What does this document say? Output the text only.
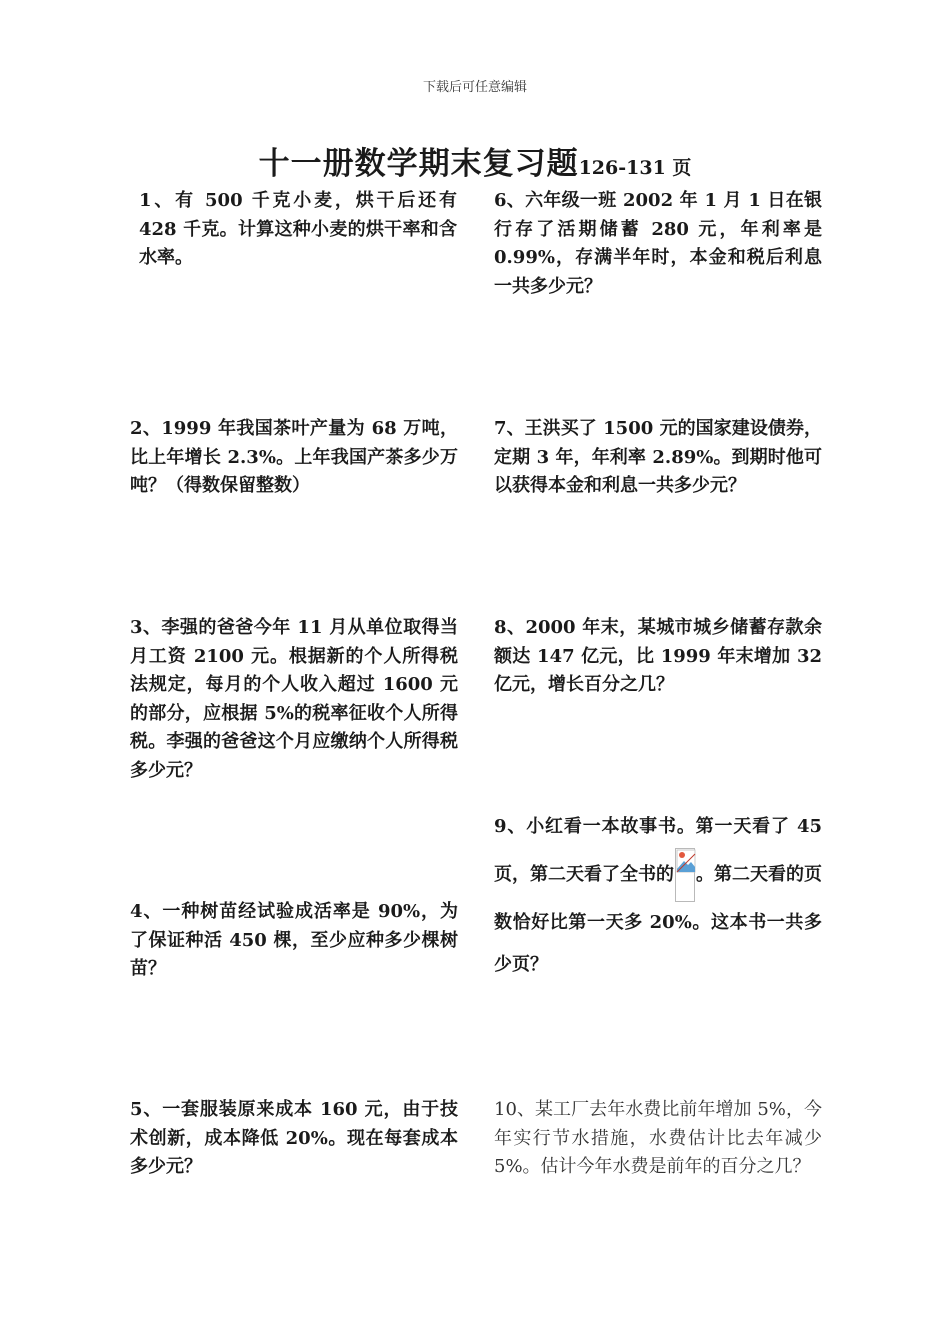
下载后可任意编辑
十一册数学期末复习题126-131 页
1、有 500 千克小麦，烘干后还有 428 千克。计算这种小麦的烘干率和含水率。
2、1999 年我国茶叶产量为 68 万吨，比上年增长 2.3%。上年我国产茶多少万吨？（得数保留整数）
3、李强的爸爸今年 11 月从单位取得当月工资 2100 元。根据新的个人所得税法规定，每月的个人收入超过 1600 元的部分，应根据 5%的税率征收个人所得税。李强的爸爸这个月应缴纳个人所得税多少元？
4、一种树苗经试验成活率是 90%，为了保证种活 450 棵，至少应种多少棵树苗？
5、一套服装原来成本 160 元，由于技术创新，成本降低 20%。现在每套成本多少元？
6、六年级一班 2002 年 1 月 1 日在银行存了活期储蓄 280 元，年利率是0.99%，存满半年时，本金和税后利息一共多少元？
7、王洪买了 1500 元的国家建设债券，定期 3 年，年利率 2.89%。到期时他可以获得本金和利息一共多少元？
8、2000 年末，某城市城乡储蓄存款余额达 147 亿元，比 1999 年末增加 32 亿元，增长百分之几？
9、小红看一本故事书。第一天看了 45 页，第二天看了全书的 。第二天看的页数恰好比第一天多 20%。这本书一共多少页？
10、某工厂去年水费比前年增加 5%，今年实行节水措施，水费估计比去年减少 5%。估计今年水费是前年的百分之几？
